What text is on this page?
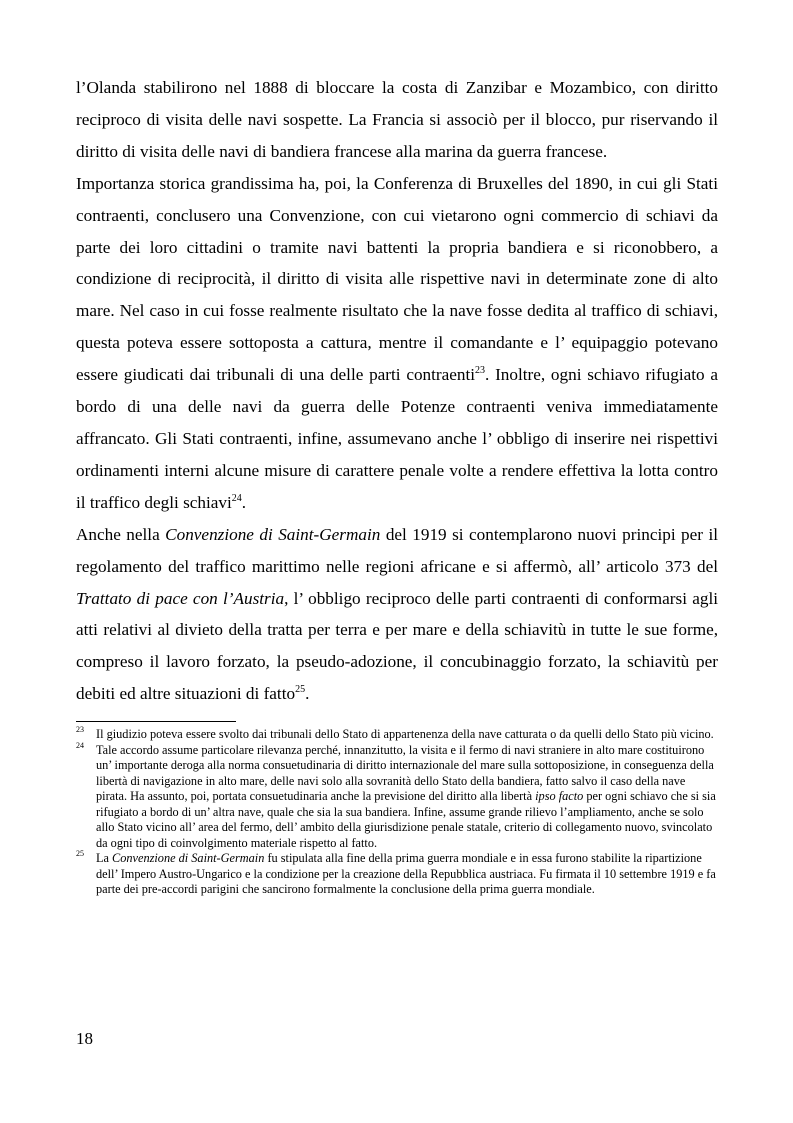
l’Olanda stabilirono nel 1888 di bloccare la costa di Zanzibar e Mozambico, con diritto reciproco di visita delle navi sospette. La Francia si associò per il blocco, pur riservando il diritto di visita delle navi di bandiera francese alla marina da guerra francese.

Importanza storica grandissima ha, poi, la Conferenza di Bruxelles del 1890, in cui gli Stati contraenti, conclusero una Convenzione, con cui vietarono ogni commercio di schiavi da parte dei loro cittadini o tramite navi battenti la propria bandiera e si riconobbero, a condizione di reciprocità, il diritto di visita alle rispettive navi in determinate zone di alto mare. Nel caso in cui fosse realmente risultato che la nave fosse dedita al traffico di schiavi, questa poteva essere sottoposta a cattura, mentre il comandante e l’ equipaggio potevano essere giudicati dai tribunali di una delle parti contraenti$^{23}$. Inoltre, ogni schiavo rifugiato a bordo di una delle navi da guerra delle Potenze contraenti veniva immediatamente affrancato. Gli Stati contraenti, infine, assumevano anche l’ obbligo di inserire nei rispettivi ordinamenti interni alcune misure di carattere penale volte a rendere effettiva la lotta contro il traffico degli schiavi$^{24}$.

Anche nella Convenzione di Saint-Germain del 1919 si contemplarono nuovi principi per il regolamento del traffico marittimo nelle regioni africane e si affermò, all’ articolo 373 del Trattato di pace con l’Austria, l’ obbligo reciproco delle parti contraenti di conformarsi agli atti relativi al divieto della tratta per terra e per mare e della schiavitù in tutte le sue forme, compreso il lavoro forzato, la pseudo-adozione, il concubinaggio forzato, la schiavitù per debiti ed altre situazioni di fatto$^{25}$.

23 Il giudizio poteva essere svolto dai tribunali dello Stato di appartenenza della nave catturata o da quelli dello Stato più vicino.
24 Tale accordo assume particolare rilevanza perché, innanzitutto, la visita e il fermo di navi straniere in alto mare costituirono un’ importante deroga alla norma consuetudinaria di diritto internazionale del mare sulla sottoposizione, in conseguenza della libertà di navigazione in alto mare, delle navi solo alla sovranità dello Stato della bandiera, fatto salvo il caso della nave pirata. Ha assunto, poi, portata consuetudinaria anche la previsione del diritto alla libertà ipso facto per ogni schiavo che si sia rifugiato a bordo di un’ altra nave, quale che sia la sua bandiera. Infine, assume grande rilievo l’ampliamento, anche se solo allo Stato vicino all’ area del fermo, dell’ ambito della giurisdizione penale statale, criterio di collegamento nuovo, svincolato da ogni tipo di coinvolgimento materiale rispetto al fatto.
25 La Convenzione di Saint-Germain fu stipulata alla fine della prima guerra mondiale e in essa furono stabilite la ripartizione dell’ Impero Austro-Ungarico e la condizione per la creazione della Repubblica austriaca. Fu firmata il 10 settembre 1919 e fa parte dei pre-accordi parigini che sancirono formalmente la conclusione della prima guerra mondiale.
18
